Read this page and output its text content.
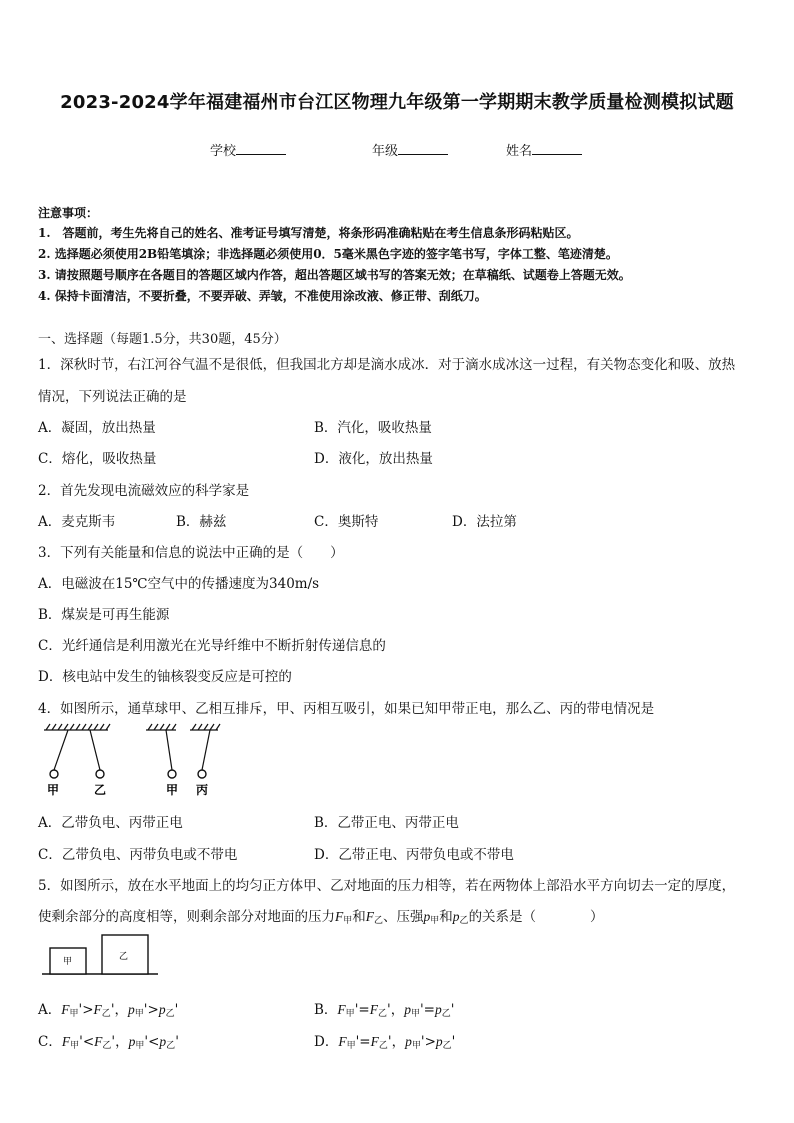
2023-2024学年福建福州市台江区物理九年级第一学期期末教学质量检测模拟试题
学校	年级	姓名
注意事项：
1.　答题前，考生先将自己的姓名、准考证号填写清楚，将条形码准确粘贴在考生信息条形码粘贴区。
2. 选择题必须使用2B铅笔填涂；非选择题必须使用0．5毫米黑色字迹的签字笔书写，字体工整、笔迹清楚。
3. 请按照题号顺序在各题目的答题区域内作答，超出答题区域书写的答案无效；在草稿纸、试题卷上答题无效。
4. 保持卡面清洁，不要折叠，不要弄破、弄皱，不准使用涂改液、修正带、刮纸刀。
一、选择题（每题1.5分，共30题，45分）
1．深秋时节，右江河谷气温不是很低，但我国北方却是滴水成冰．对于滴水成冰这一过程，有关物态变化和吸、放热
情况，下列说法正确的是
A．凝固，放出热量	B．汽化，吸收热量
C．熔化，吸收热量	D．液化，放出热量
2．首先发现电流磁效应的科学家是
A．麦克斯韦	B．赫兹	C．奥斯特	D．法拉第
3．下列有关能量和信息的说法中正确的是（　　）
A．电磁波在15℃空气中的传播速度为340m/s
B．煤炭是可再生能源
C．光纤通信是利用激光在光导纤维中不断折射传递信息的
D．核电站中发生的铀核裂变反应是可控的
4．如图所示，通草球甲、乙相互排斥，甲、丙相互吸引，如果已知甲带正电，那么乙、丙的带电情况是
甲	乙	甲 丙
A．乙带负电、丙带正电	B．乙带正电、丙带正电
C．乙带负电、丙带负电或不带电	D．乙带正电、丙带负电或不带电
5．如图所示，放在水平地面上的均匀正方体甲、乙对地面的压力相等，若在两物体上部沿水平方向切去一定的厚度，
使剩余部分的高度相等，则剩余部分对地面的压力$F_甲$和$F_乙$、压强$p_甲$和$p_乙$的关系是（　　　　）
甲	乙
A．$F_甲'>F_乙'$，$p_甲'>p_乙'$	B．$F_甲'=F_乙'$，$p_甲'=p_乙'$
C．$F_甲'<F_乙'$，$p_甲'<p_乙'$	D．$F_甲'=F_乙'$，$p_甲'>p_乙'$
